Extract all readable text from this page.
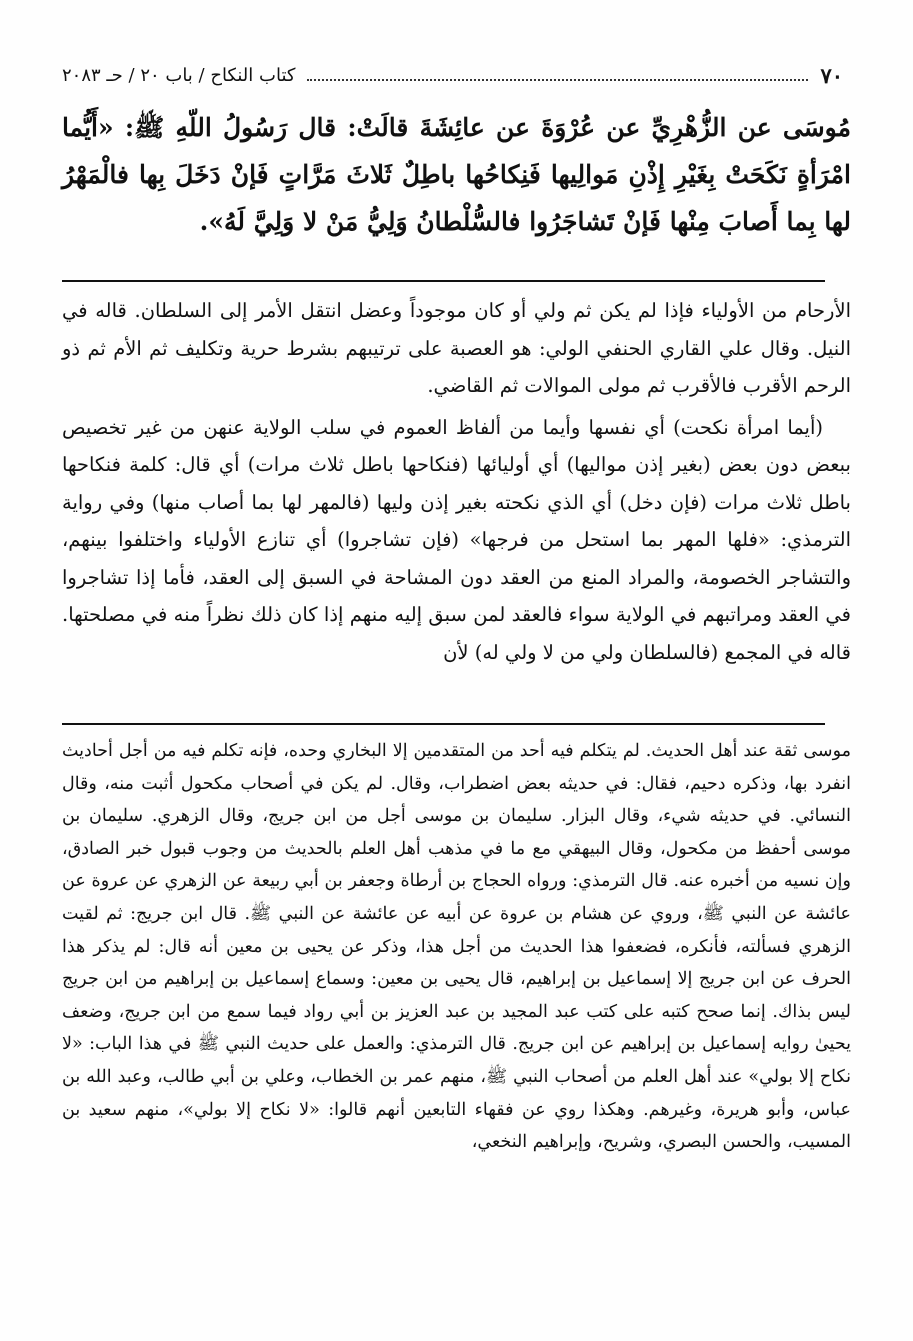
٧٠
كتاب النكاح / باب ٢٠ / حـ ٢٠٨٣
مُوسَى عن الزُّهْرِيِّ عن عُرْوَةَ عن عائِشَةَ قالَتْ: قال رَسُولُ اللّهِ ﷺ: «أَيُّما امْرَأةٍ نَكَحَتْ بِغَيْرِ إِذْنِ مَوالِيها فَنِكاحُها باطِلٌ ثَلاثَ مَرَّاتٍ فَإنْ دَخَلَ بِها فالْمَهْرُ لها بِما أَصابَ مِنْها فَإنْ تَشاجَرُوا فالسُّلْطانُ وَلِيُّ مَنْ لا وَلِيَّ لَهُ».

الأرحام من الأولياء فإذا لم يكن ثم ولي أو كان موجوداً وعضل انتقل الأمر إلى السلطان. قاله في النيل. وقال علي القاري الحنفي الولي: هو العصبة على ترتيبهم بشرط حرية وتكليف ثم الأم ثم ذو الرحم الأقرب فالأقرب ثم مولى الموالات ثم القاضي.

(أيما امرأة نكحت) أي نفسها وأيما من ألفاظ العموم في سلب الولاية عنهن من غير تخصيص ببعض دون بعض (بغير إذن مواليها) أي أوليائها (فنكاحها باطل ثلاث مرات) أي قال: كلمة فنكاحها باطل ثلاث مرات (فإن دخل) أي الذي نكحته بغير إذن وليها (فالمهر لها بما أصاب منها) وفي رواية الترمذي: «فلها المهر بما استحل من فرجها» (فإن تشاجروا) أي تنازع الأولياء واختلفوا بينهم، والتشاجر الخصومة، والمراد المنع من العقد دون المشاحة في السبق إلى العقد، فأما إذا تشاجروا في العقد ومراتبهم في الولاية سواء فالعقد لمن سبق إليه منهم إذا كان ذلك نظراً منه في مصلحتها. قاله في المجمع (فالسلطان ولي من لا ولي له) لأن

موسى ثقة عند أهل الحديث. لم يتكلم فيه أحد من المتقدمين إلا البخاري وحده، فإنه تكلم فيه من أجل أحاديث انفرد بها، وذكره دحيم، فقال: في حديثه بعض اضطراب، وقال. لم يكن في أصحاب مكحول أثبت منه، وقال النسائي. في حديثه شيء، وقال البزار. سليمان بن موسى أجل من ابن جريج، وقال الزهري. سليمان بن موسى أحفظ من مكحول، وقال البيهقي مع ما في مذهب أهل العلم بالحديث من وجوب قبول خبر الصادق، وإن نسيه من أخبره عنه. قال الترمذي: ورواه الحجاج بن أرطاة وجعفر بن أبي ربيعة عن الزهري عن عروة عن عائشة عن النبي ﷺ، وروي عن هشام بن عروة عن أبيه عن عائشة عن النبي ﷺ. قال ابن جريج: ثم لقيت الزهري فسألته، فأنكره، فضعفوا هذا الحديث من أجل هذا، وذكر عن يحيى بن معين أنه قال: لم يذكر هذا الحرف عن ابن جريج إلا إسماعيل بن إبراهيم، قال يحيى بن معين: وسماع إسماعيل بن إبراهيم من ابن جريج ليس بذاك. إنما صحح كتبه على كتب عبد المجيد بن عبد العزيز بن أبي رواد فيما سمع من ابن جريج، وضعف يحيىٰ روايه إسماعيل بن إبراهيم عن ابن جريج. قال الترمذي: والعمل على حديث النبي ﷺ في هذا الباب: «لا نكاح إلا بولي» عند أهل العلم من أصحاب النبي ﷺ، منهم عمر بن الخطاب، وعلي بن أبي طالب، وعبد الله بن عباس، وأبو هريرة، وغيرهم. وهكذا روي عن فقهاء التابعين أنهم قالوا: «لا نكاح إلا بولي»، منهم سعيد بن المسيب، والحسن البصري، وشريح، وإبراهيم النخعي،
